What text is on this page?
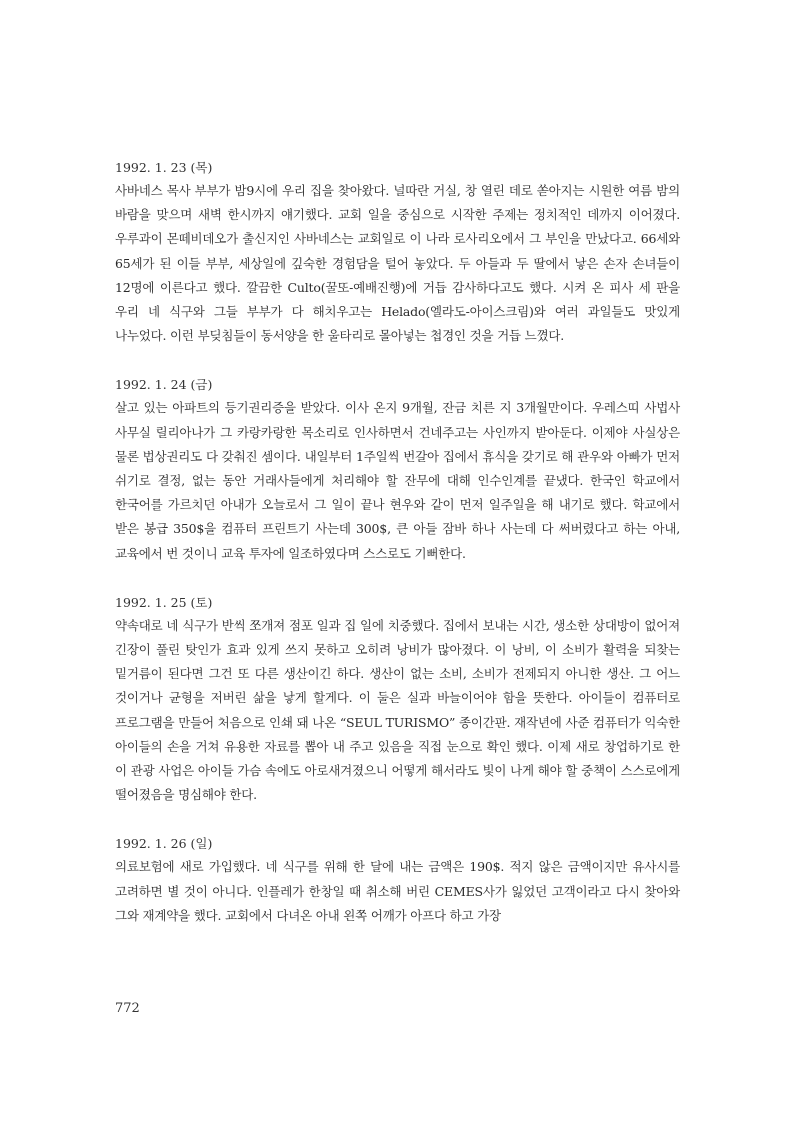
1992. 1. 23 (목)

사바네스 목사 부부가 밤9시에 우리 집을 찾아왔다. 널따란 거실, 창 열린 데로 쏟아지는 시원한 여름 밤의 바람을 맞으며 새벽 한시까지 얘기했다. 교회 일을 중심으로 시작한 주제는 정치적인 데까지 이어졌다. 우루과이 몬떼비데오가 출신지인 사바네스는 교회일로 이 나라 로사리오에서 그 부인을 만났다고. 66세와 65세가 된 이들 부부, 세상일에 깊숙한 경험담을 털어 놓았다. 두 아들과 두 딸에서 낳은 손자 손녀들이 12명에 이른다고 했다. 깔끔한 Culto(꿀또-예배진행)에 거듭 감사하다고도 했다. 시켜 온 피사 세 판을 우리 네 식구와 그들 부부가 다 해치우고는 Helado(엘라도-아이스크림)와 여러 과일들도 맛있게 나누었다. 이런 부딪침들이 동서양을 한 울타리로 몰아넣는 첩경인 것을 거듭 느꼈다.

1992. 1. 24 (금)

살고 있는 아파트의 등기권리증을 받았다. 이사 온지 9개월, 잔금 치른 지 3개월만이다. 우레스띠 사법사 사무실 릴리아나가 그 카랑카랑한 목소리로 인사하면서 건네주고는 사인까지 받아둔다. 이제야 사실상은 물론 법상권리도 다 갖춰진 셈이다. 내일부터 1주일씩 번갈아 집에서 휴식을 갖기로 해 관우와 아빠가 먼저 쉬기로 결정, 없는 동안 거래사들에게 처리해야 할 잔무에 대해 인수인계를 끝냈다. 한국인 학교에서 한국어를 가르치던 아내가 오늘로서 그 일이 끝나 현우와 같이 먼저 일주일을 해 내기로 했다. 학교에서 받은 봉급 350$을 컴퓨터 프린트기 사는데 300$, 큰 아들 잠바 하나 사는데 다 써버렸다고 하는 아내, 교육에서 번 것이니 교육 투자에 일조하였다며 스스로도 기뻐한다.

1992. 1. 25 (토)

약속대로 네 식구가 반씩 쪼개져 점포 일과 집 일에 치중했다. 집에서 보내는 시간, 생소한 상대방이 없어져 긴장이 풀린 탓인가 효과 있게 쓰지 못하고 오히려 낭비가 많아졌다. 이 낭비, 이 소비가 활력을 되찾는 밑거름이 된다면 그건 또 다른 생산이긴 하다. 생산이 없는 소비, 소비가 전제되지 아니한 생산. 그 어느 것이거나 균형을 저버린 삶을 낳게 할게다. 이 둘은 실과 바늘이어야 함을 뜻한다. 아이들이 컴퓨터로 프로그램을 만들어 처음으로 인쇄 돼 나온 “SEUL TURISMO” 종이간판. 재작년에 사준 컴퓨터가 익숙한 아이들의 손을 거쳐 유용한 자료를 뽑아 내 주고 있음을 직접 눈으로 확인 했다. 이제 새로 창업하기로 한 이 관광 사업은 아이들 가슴 속에도 아로새겨졌으니 어떻게 해서라도 빛이 나게 해야 할 중책이 스스로에게 떨어졌음을 명심해야 한다.

1992. 1. 26 (일)

의료보험에 새로 가입했다. 네 식구를 위해 한 달에 내는 금액은 190$. 적지 않은 금액이지만 유사시를 고려하면 별 것이 아니다. 인플레가 한창일 때 취소해 버린 CEMES사가 잃었던 고객이라고 다시 찾아와 그와 재계약을 했다. 교회에서 다녀온 아내 왼쪽 어깨가 아프다 하고 가장

772
